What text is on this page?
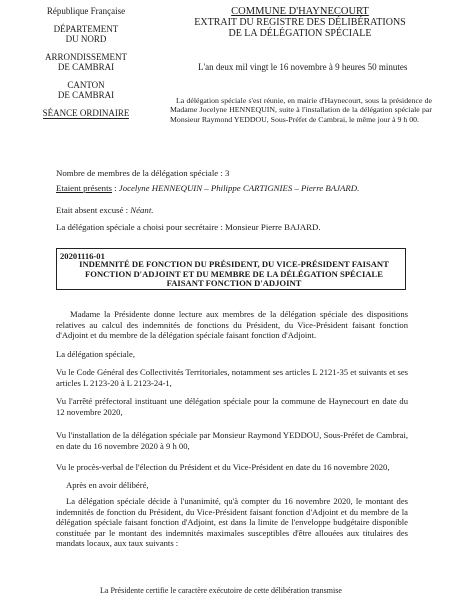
République Française
DÉPARTEMENT
DU NORD
ARRONDISSEMENT
DE CAMBRAI
CANTON
DE CAMBRAI
SÉANCE ORDINAIRE
COMMUNE D'HAYNECOURT
EXTRAIT DU REGISTRE DES DÉLIBÉRATIONS
DE LA DÉLÉGATION SPÉCIALE
L'an deux mil vingt le 16 novembre à 9 heures 50 minutes
La délégation spéciale s'est réunie, en mairie d'Haynecourt, sous la présidence de Madame Jocelyne HENNEQUIN, suite à l'installation de la délégation spéciale par Monsieur Raymond YEDDOU, Sous-Préfet de Cambrai, le même jour à 9 h 00.
Nombre de membres de la délégation spéciale : 3
Etaient présents : Jocelyne HENNEQUIN – Philippe CARTIGNIES – Pierre BAJARD.
Etait absent excusé : Néant.
La délégation spéciale a choisi pour secrétaire : Monsieur Pierre BAJARD.
20201116-01
INDEMNITÉ DE FONCTION DU PRÉSIDENT, DU VICE-PRÉSIDENT FAISANT
FONCTION D'ADJOINT ET DU MEMBRE DE LA DÉLÉGATION SPÉCIALE
FAISANT FONCTION D'ADJOINT
Madame la Présidente donne lecture aux membres de la délégation spéciale des dispositions relatives au calcul des indemnités de fonctions du Président, du Vice-Président faisant fonction d'Adjoint et du membre de la délégation spéciale faisant fonction d'Adjoint.
La délégation spéciale,
Vu le Code Général des Collectivités Territoriales, notamment ses articles L 2121-35 et suivants et ses articles L 2123-20 à L 2123-24-1,
Vu l'arrêté préfectoral instituant une délégation spéciale pour la commune de Haynecourt en date du 12 novembre 2020,
Vu l'installation de la délégation spéciale par Monsieur Raymond YEDDOU, Sous-Préfet de Cambrai, en date du 16 novembre 2020 à 9 h 00,
Vu le procès-verbal de l'élection du Président et du Vice-Président en date du 16 novembre 2020,
Après en avoir délibéré,
La délégation spéciale décide à l'unanimité, qu'à compter du 16 novembre 2020, le montant des indemnités de fonction du Président, du Vice-Président faisant fonction d'Adjoint et du membre de la délégation spéciale faisant fonction d'Adjoint, est dans la limite de l'enveloppe budgétaire disponible constituée par le montant des indemnités maximales susceptibles d'être allouées aux titulaires des mandats locaux, aux taux suivants :
La Présidente certifie le caractère exécutoire de cette délibération transmise
